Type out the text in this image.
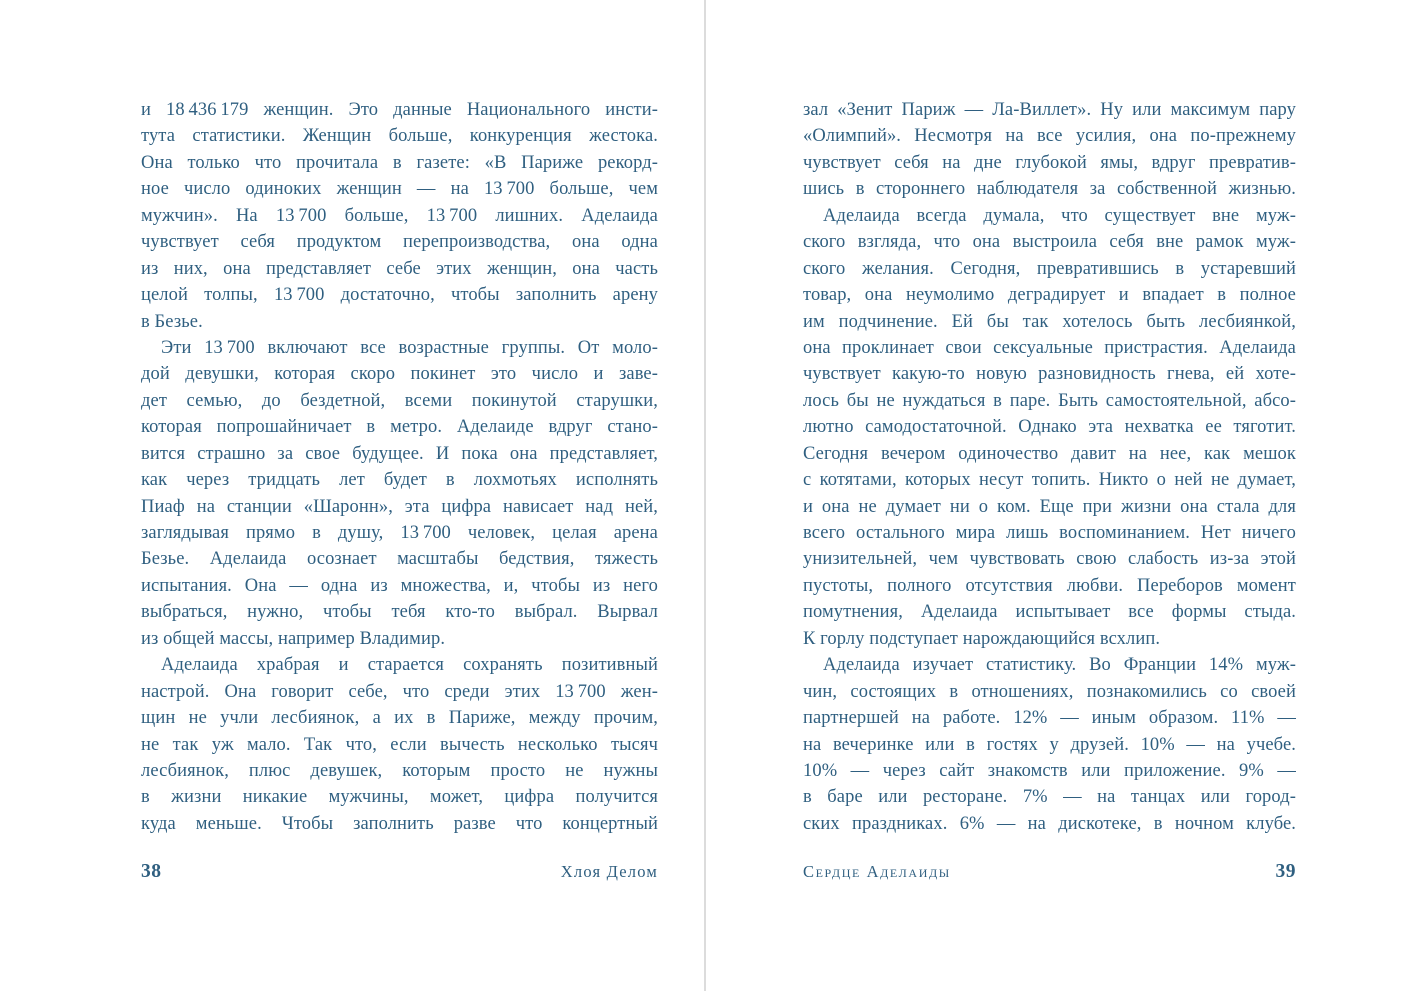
и 18 436 179 женщин. Это данные Национального инсти-
тута статистики. Женщин больше, конкуренция жестока.
Она только что прочитала в газете: «В Париже рекорд-
ное число одиноких женщин — на 13 700 больше, чем
мужчин». На 13 700 больше, 13 700 лишних. Аделаида
чувствует себя продуктом перепроизводства, она одна
из них, она представляет себе этих женщин, она часть
целой толпы, 13 700 достаточно, чтобы заполнить арену
в Безье.
Эти 13 700 включают все возрастные группы. От моло-
дой девушки, которая скоро покинет это число и заве-
дет семью, до бездетной, всеми покинутой старушки,
которая попрошайничает в метро. Аделаиде вдруг стано-
вится страшно за свое будущее. И пока она представляет,
как через тридцать лет будет в лохмотьях исполнять
Пиаф на станции «Шаронн», эта цифра нависает над ней,
заглядывая прямо в душу, 13 700 человек, целая арена
Безье. Аделаида осознает масштабы бедствия, тяжесть
испытания. Она — одна из множества, и, чтобы из него
выбраться, нужно, чтобы тебя кто-то выбрал. Вырвал
из общей массы, например Владимир.
Аделаида храбрая и старается сохранять позитивный
настрой. Она говорит себе, что среди этих 13 700 жен-
щин не учли лесбиянок, а их в Париже, между прочим,
не так уж мало. Так что, если вычесть несколько тысяч
лесбиянок, плюс девушек, которым просто не нужны
в жизни никакие мужчины, может, цифра получится
куда меньше. Чтобы заполнить разве что концертный
38	Хлоя Делом
зал «Зенит Париж — Ла-Виллет». Ну или максимум пару
«Олимпий». Несмотря на все усилия, она по-прежнему
чувствует себя на дне глубокой ямы, вдруг превратив-
шись в стороннего наблюдателя за собственной жизнью.
Аделаида всегда думала, что существует вне муж-
ского взгляда, что она выстроила себя вне рамок муж-
ского желания. Сегодня, превратившись в устаревший
товар, она неумолимо деградирует и впадает в полное
им подчинение. Ей бы так хотелось быть лесбиянкой,
она проклинает свои сексуальные пристрастия. Аделаида
чувствует какую-то новую разновидность гнева, ей хоте-
лось бы не нуждаться в паре. Быть самостоятельной, абсо-
лютно самодостаточной. Однако эта нехватка ее тяготит.
Сегодня вечером одиночество давит на нее, как мешок
с котятами, которых несут топить. Никто о ней не думает,
и она не думает ни о ком. Еще при жизни она стала для
всего остального мира лишь воспоминанием. Нет ничего
унизительней, чем чувствовать свою слабость из-за этой
пустоты, полного отсутствия любви. Переборов момент
помутнения, Аделаида испытывает все формы стыда.
К горлу подступает нарождающийся всхлип.
Аделаида изучает статистику. Во Франции 14% муж-
чин, состоящих в отношениях, познакомились со своей
партнершей на работе. 12% — иным образом. 11% —
на вечеринке или в гостях у друзей. 10% — на учебе.
10% — через сайт знакомств или приложение. 9% —
в баре или ресторане. 7% — на танцах или город-
ских праздниках. 6% — на дискотеке, в ночном клубе.
Сердце Аделаиды	39
